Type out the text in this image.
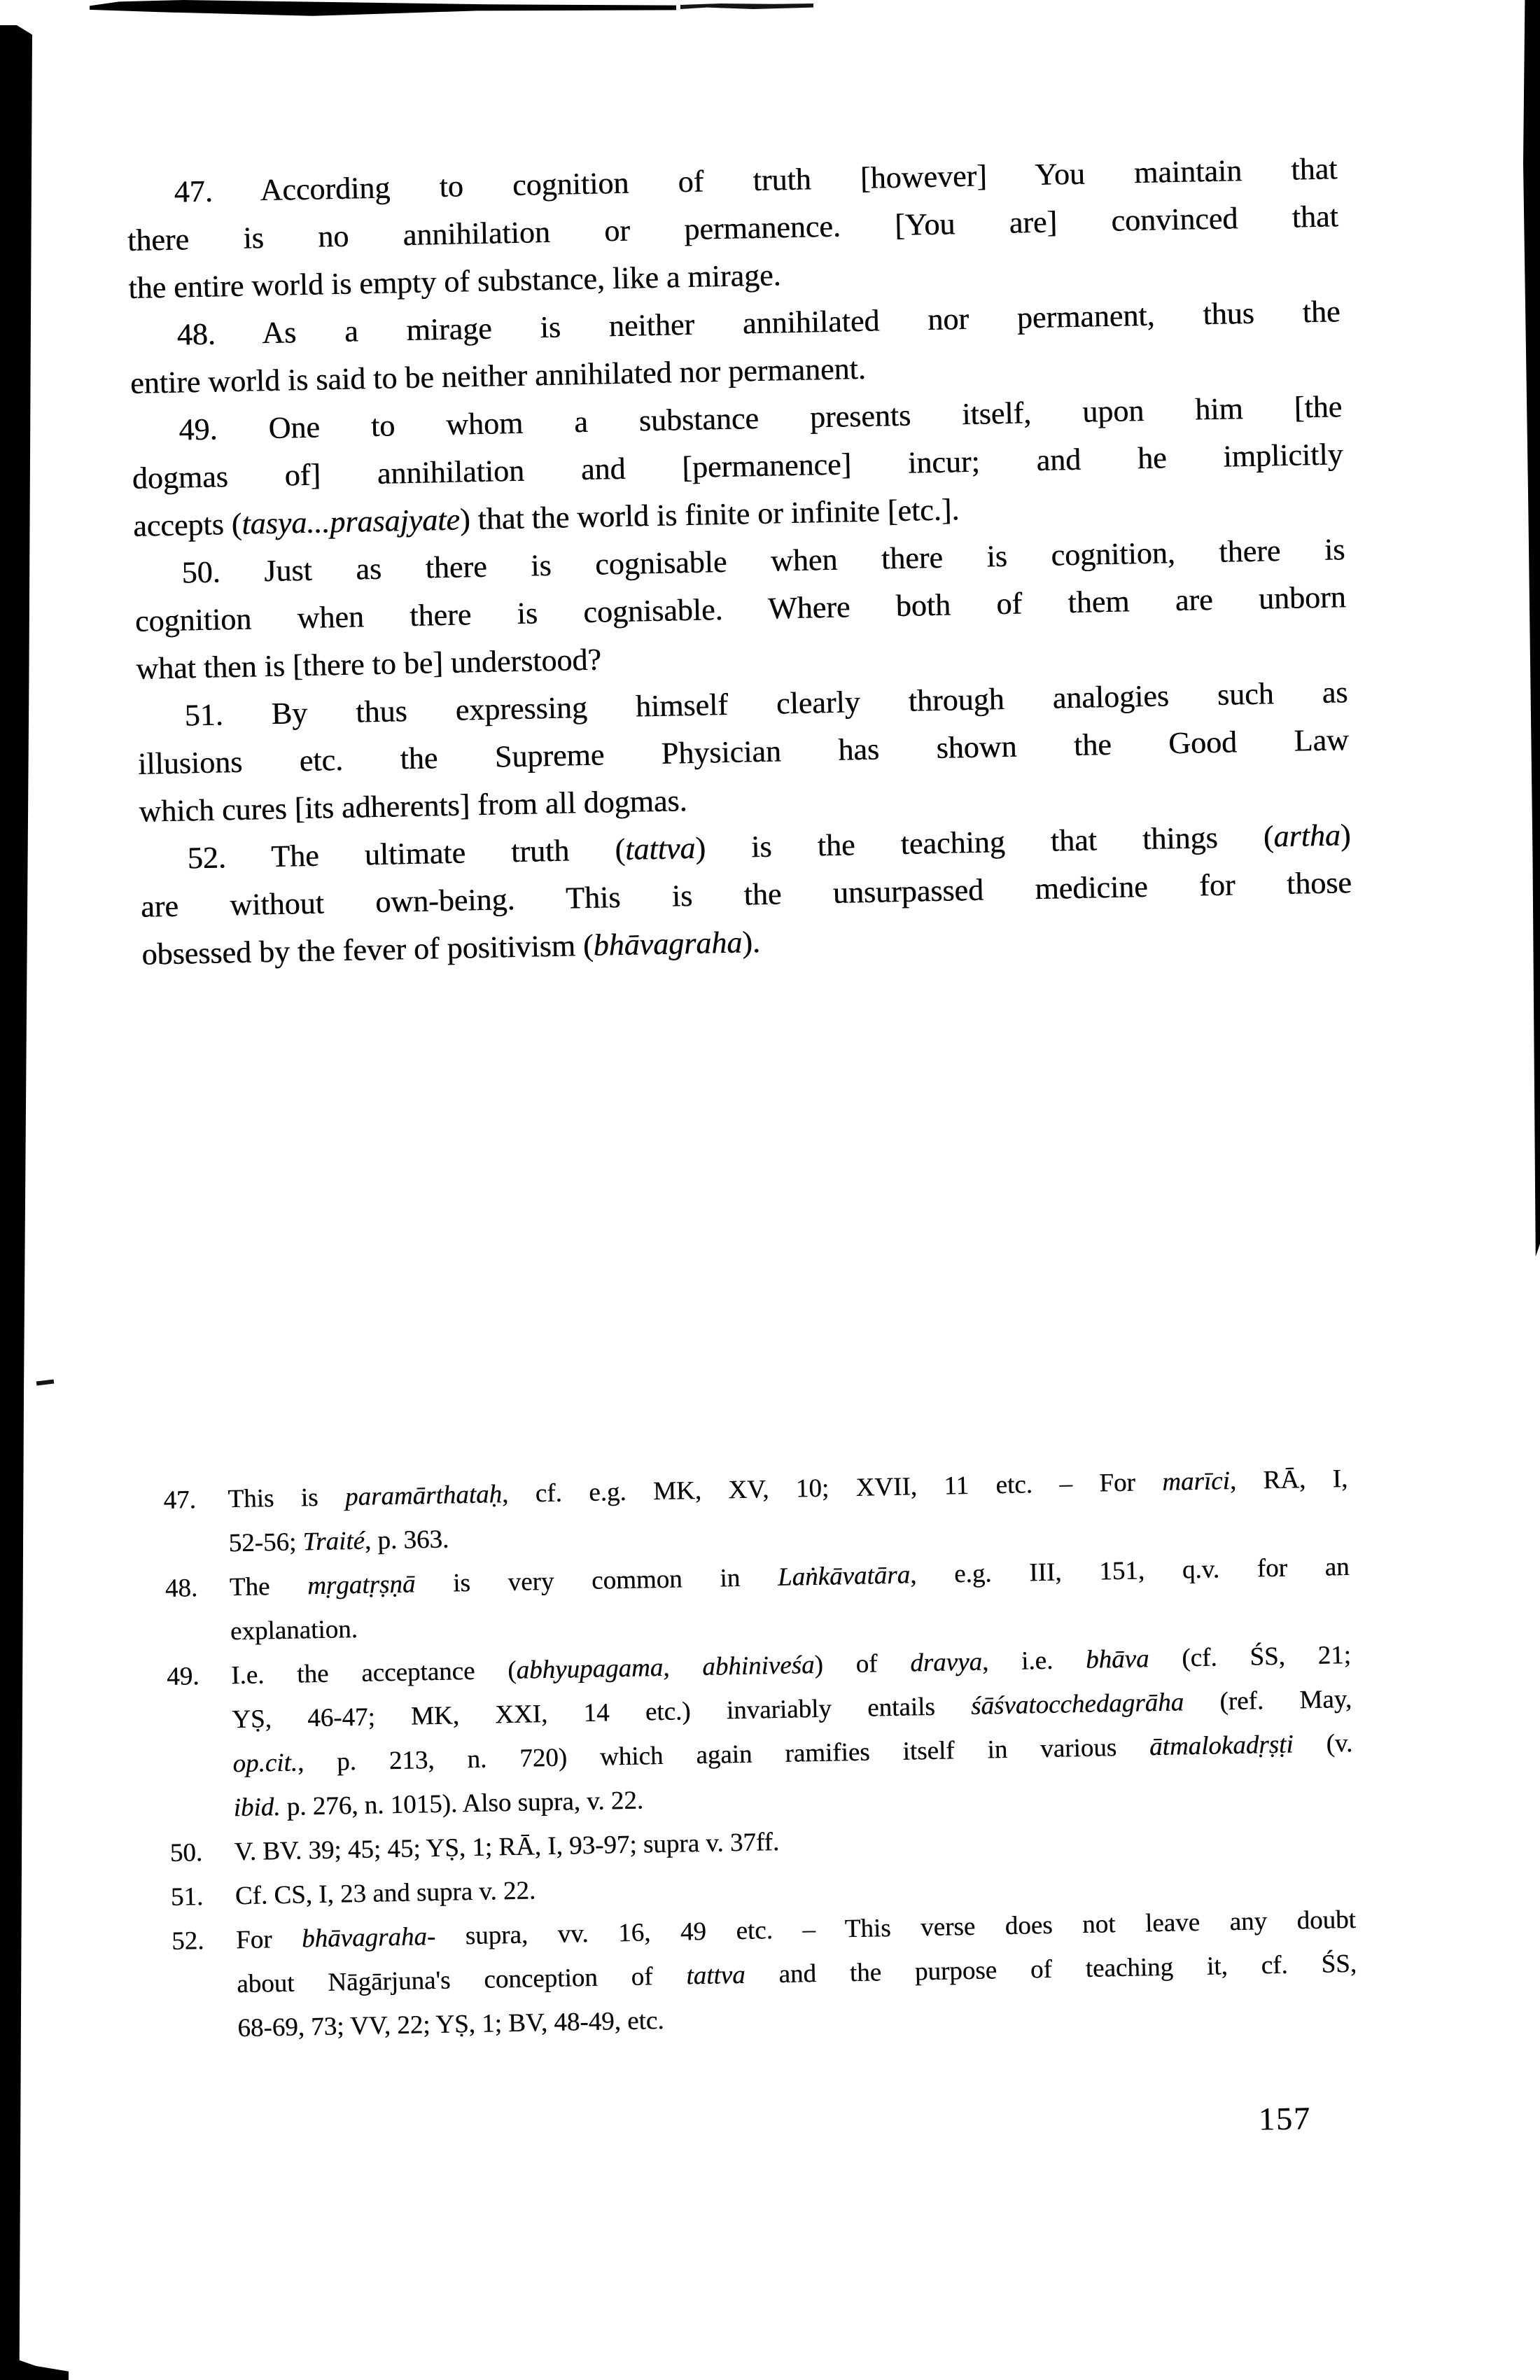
47. According to cognition of truth [however] You maintain that
there is no annihilation or permanence. [You are] convinced that
the entire world is empty of substance, like a mirage.
48. As a mirage is neither annihilated nor permanent, thus the
entire world is said to be neither annihilated nor permanent.
49. One to whom a substance presents itself, upon him [the
dogmas of] annihilation and [permanence] incur; and he implicitly
accepts (tasya...prasajyate) that the world is finite or infinite [etc.].
50. Just as there is cognisable when there is cognition, there is
cognition when there is cognisable. Where both of them are unborn
what then is [there to be] understood?
51. By thus expressing himself clearly through analogies such as
illusions etc. the Supreme Physician has shown the Good Law
which cures [its adherents] from all dogmas.
52. The ultimate truth (tattva) is the teaching that things (artha)
are without own-being. This is the unsurpassed medicine for those
obsessed by the fever of positivism (bhāvagraha).
47.	This is paramārthataḥ, cf. e.g. MK, XV, 10; XVII, 11 etc. – For marīci, RĀ, I,
52-56; Traité, p. 363.
48.	The mṛgatṛṣṇā is very common in Laṅkāvatāra, e.g. III, 151, q.v. for an
explanation.
49.	I.e. the acceptance (abhyupagama, abhiniveśa) of dravya, i.e. bhāva (cf. ŚS, 21;
YṢ, 46-47; MK, XXI, 14 etc.) invariably entails śāśvatocchedagrāha (ref. May,
op.cit., p. 213, n. 720) which again ramifies itself in various ātmalokadṛṣṭi (v.
ibid. p. 276, n. 1015). Also supra, v. 22.
50.	V. BV. 39; 45; 45; YṢ, 1; RĀ, I, 93-97; supra v. 37ff.
51.	Cf. CS, I, 23 and supra v. 22.
52.	For bhāvagraha- supra, vv. 16, 49 etc. – This verse does not leave any doubt
about Nāgārjuna's conception of tattva and the purpose of teaching it, cf. ŚS,
68-69, 73; VV, 22; YṢ, 1; BV, 48-49, etc.
157
